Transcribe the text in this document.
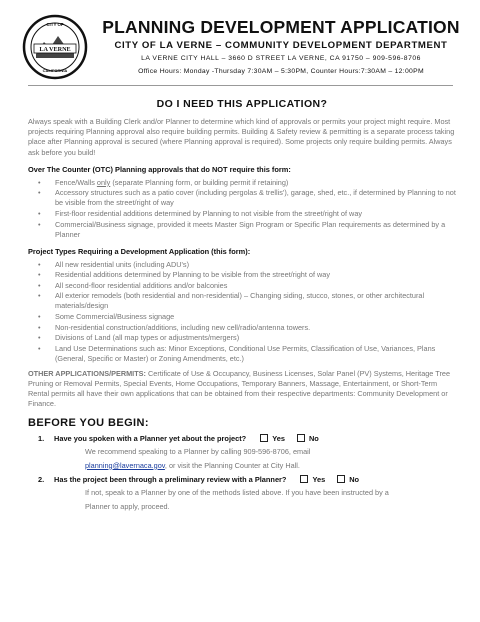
LA VERNE
CITY OF
CALIFORNIA
PLANNING DEVELOPMENT APPLICATION
CITY OF LA VERNE – COMMUNITY DEVELOPMENT DEPARTMENT
LA VERNE CITY HALL – 3660 D STREET LA VERNE, CA 91750 – 909-596-8706
Office Hours: Monday -Thursday 7:30AM – 5:30PM, Counter Hours:7:30AM – 12:00PM
DO I NEED THIS APPLICATION?

Always speak with a Building Clerk and/or Planner to determine which kind of approvals or permits your project might require. Most projects requiring Planning approval also require building permits. Building & Safety review & permitting is a separate process taking place after Planning approval is secured (where Planning approval is required). Some projects only require building permits. Always ask before you build!

Over The Counter (OTC) Planning approvals that do NOT require this form:
• Fence/Walls only (separate Planning form, or building permit if retaining)
• Accessory structures such as a patio cover (including pergolas & trellis'), garage, shed, etc., if determined by Planning to not be visible from the street/right of way
• First-floor residential additions determined by Planning to not visible from the street/right of way
• Commercial/Business signage, provided it meets Master Sign Program or Specific Plan requirements as determined by a Planner
Project Types Requiring a Development Application (this form):
• All new residential units (including ADU's)
• Residential additions determined by Planning to be visible from the street/right of way
• All second-floor residential additions and/or balconies
• All exterior remodels (both residential and non-residential) – Changing siding, stucco, stones, or other architectural materials/design
• Some Commercial/Business signage
• Non-residential construction/additions, including new cell/radio/antenna towers.
• Divisions of Land (all map types or adjustments/mergers)
• Land Use Determinations such as: Minor Exceptions, Conditional Use Permits, Classification of Use, Variances, Plans (General, Specific or Master) or Zoning Amendments, etc.)

OTHER APPLICATIONS/PERMITS: Certificate of Use & Occupancy, Business Licenses, Solar Panel (PV) Systems, Heritage Tree Pruning or Removal Permits, Special Events, Home Occupations, Temporary Banners, Massage, Entertainment, or Short-Term Rental permits all have their own applications that can be obtained from their respective departments: Community Development or Finance.

BEFORE YOU BEGIN:
1.	Have you spoken with a Planner yet about the project?	Yes	No
We recommend speaking to a Planner by calling 909-596-8706, email
planning@lavernaca.gov, or visit the Planning Counter at City Hall.
2.	Has the project been through a preliminary review with a Planner?	Yes	No
If not, speak to a Planner by one of the methods listed above. If you have been instructed by a
Planner to apply, proceed.
